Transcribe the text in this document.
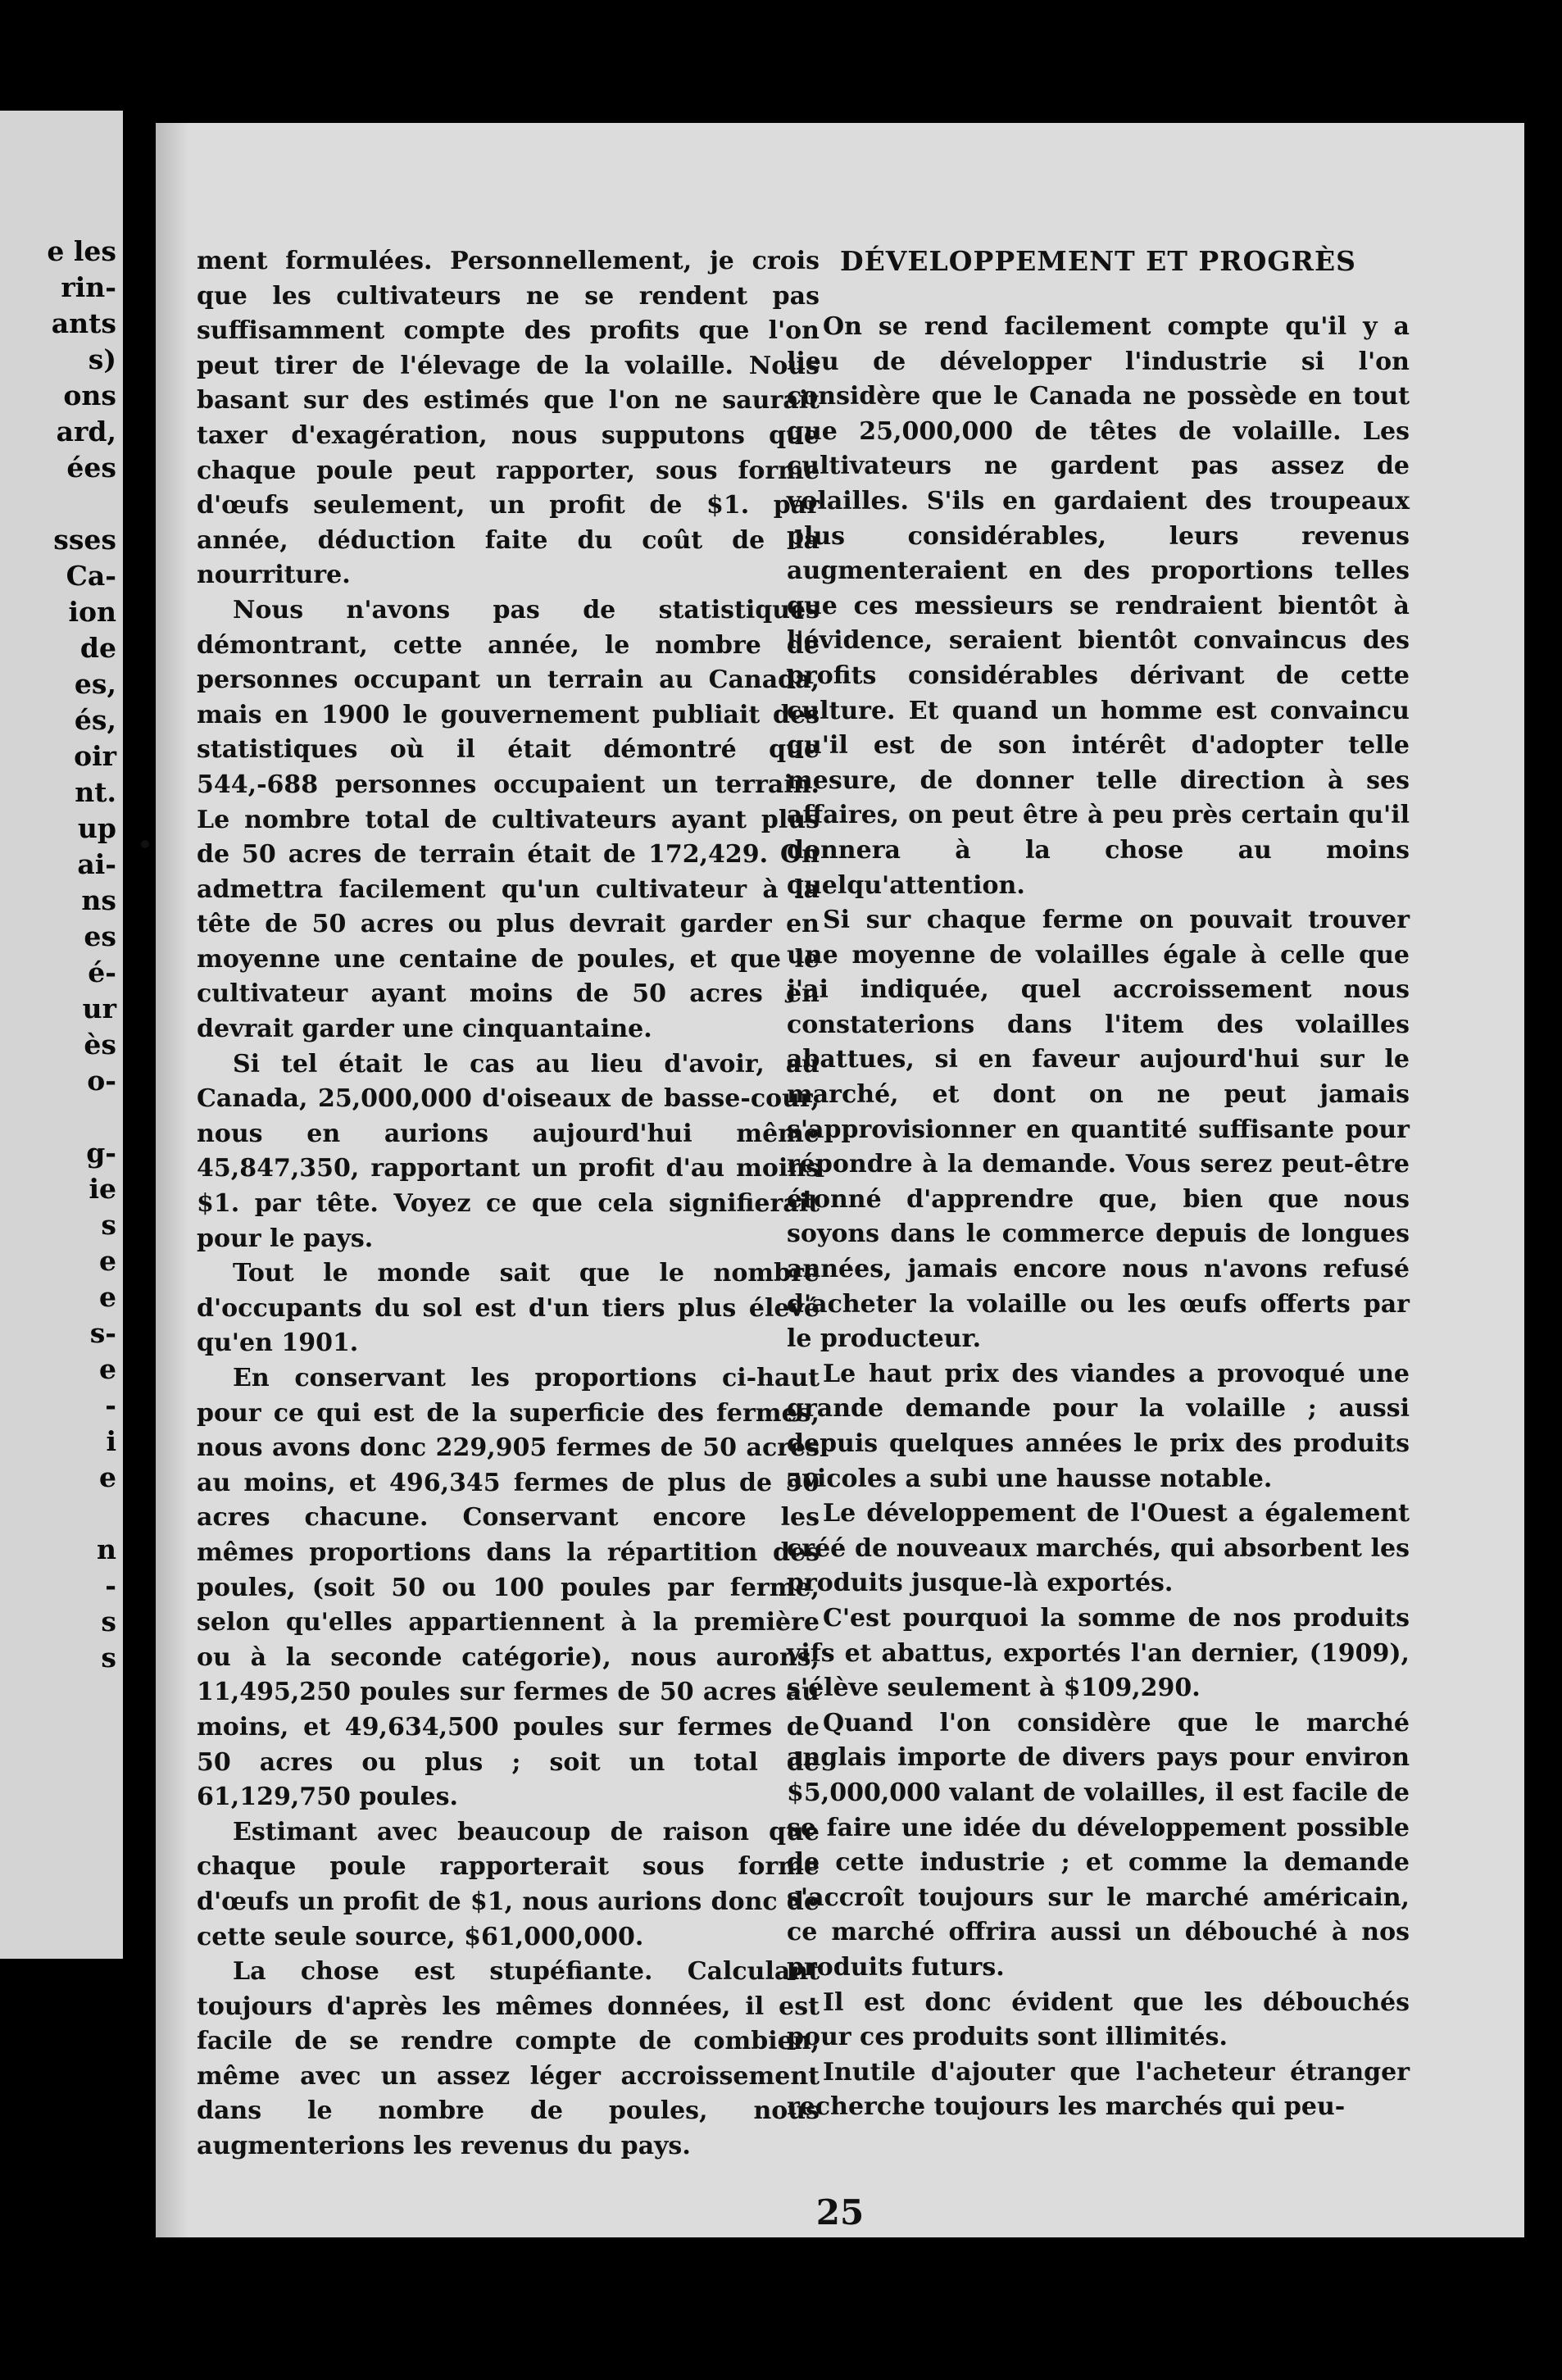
e les
rin-
ants
s)
ons
ard,
ées
sses
Ca-
ion
de
es,
és,
oir
nt.
up
ai-
ns
es
é-
ur
ès
o-
g-
ie
s
e
e
s-
e
-
i
e
n
-
s
s

ment formulées. Personnellement, je crois que les cultivateurs ne se rendent pas suffisamment compte des profits que l'on peut tirer de l'élevage de la volaille. Nous basant sur des estimés que l'on ne saurait taxer d'exagération, nous supputons que chaque poule peut rapporter, sous forme d'œufs seulement, un profit de $1. par année, déduction faite du coût de la nourriture.

Nous n'avons pas de statistiques démontrant, cette année, le nombre de personnes occupant un terrain au Canada, mais en 1900 le gouvernement publiait des statistiques où il était démontré que 544,-688 personnes occupaient un terrain. Le nombre total de cultivateurs ayant plus de 50 acres de terrain était de 172,429. On admettra facilement qu'un cultivateur à la tête de 50 acres ou plus devrait garder en moyenne une centaine de poules, et que le cultivateur ayant moins de 50 acres en devrait garder une cinquantaine.

Si tel était le cas au lieu d'avoir, au Canada, 25,000,000 d'oiseaux de basse-cour, nous en aurions aujourd'hui même 45,847,350, rapportant un profit d'au moins $1. par tête. Voyez ce que cela signifierait pour le pays.

Tout le monde sait que le nombre d'occupants du sol est d'un tiers plus élevé qu'en 1901.

En conservant les proportions ci-haut pour ce qui est de la superficie des fermes, nous avons donc 229,905 fermes de 50 acres au moins, et 496,345 fermes de plus de 50 acres chacune. Conservant encore les mêmes proportions dans la répartition des poules, (soit 50 ou 100 poules par ferme, selon qu'elles appartiennent à la première ou à la seconde catégorie), nous aurons, 11,495,250 poules sur fermes de 50 acres au moins, et 49,634,500 poules sur fermes de 50 acres ou plus ; soit un total de 61,129,750 poules.

Estimant avec beaucoup de raison que chaque poule rapporterait sous forme d'œufs un profit de $1, nous aurions donc de cette seule source, $61,000,000.

La chose est stupéfiante. Calculant toujours d'après les mêmes données, il est facile de se rendre compte de combien, même avec un assez léger accroissement dans le nombre de poules, nous augmenterions les revenus du pays.

DÉVELOPPEMENT ET PROGRÈS

On se rend facilement compte qu'il y a lieu de développer l'industrie si l'on considère que le Canada ne possède en tout que 25,000,000 de têtes de volaille. Les cultivateurs ne gardent pas assez de volailles. S'ils en gardaient des troupeaux plus considérables, leurs revenus augmenteraient en des proportions telles que ces messieurs se rendraient bientôt à l'évidence, seraient bientôt convaincus des profits considérables dérivant de cette culture. Et quand un homme est convaincu qu'il est de son intérêt d'adopter telle mesure, de donner telle direction à ses affaires, on peut être à peu près certain qu'il donnera à la chose au moins quelqu'attention.

Si sur chaque ferme on pouvait trouver une moyenne de volailles égale à celle que j'ai indiquée, quel accroissement nous constaterions dans l'item des volailles abattues, si en faveur aujourd'hui sur le marché, et dont on ne peut jamais s'approvisionner en quantité suffisante pour répondre à la demande. Vous serez peut-être étonné d'apprendre que, bien que nous soyons dans le commerce depuis de longues années, jamais encore nous n'avons refusé d'acheter la volaille ou les œufs offerts par le producteur.

Le haut prix des viandes a provoqué une grande demande pour la volaille ; aussi depuis quelques années le prix des produits avicoles a subi une hausse notable.

Le développement de l'Ouest a également créé de nouveaux marchés, qui absorbent les produits jusque-là exportés.

C'est pourquoi la somme de nos produits vifs et abattus, exportés l'an dernier, (1909), s'élève seulement à $109,290.

Quand l'on considère que le marché anglais importe de divers pays pour environ $5,000,000 valant de volailles, il est facile de se faire une idée du développement possible de cette industrie ; et comme la demande s'accroît toujours sur le marché américain, ce marché offrira aussi un débouché à nos produits futurs.

Il est donc évident que les débouchés pour ces produits sont illimités.

Inutile d'ajouter que l'acheteur étranger recherche toujours les marchés qui peu-

25
